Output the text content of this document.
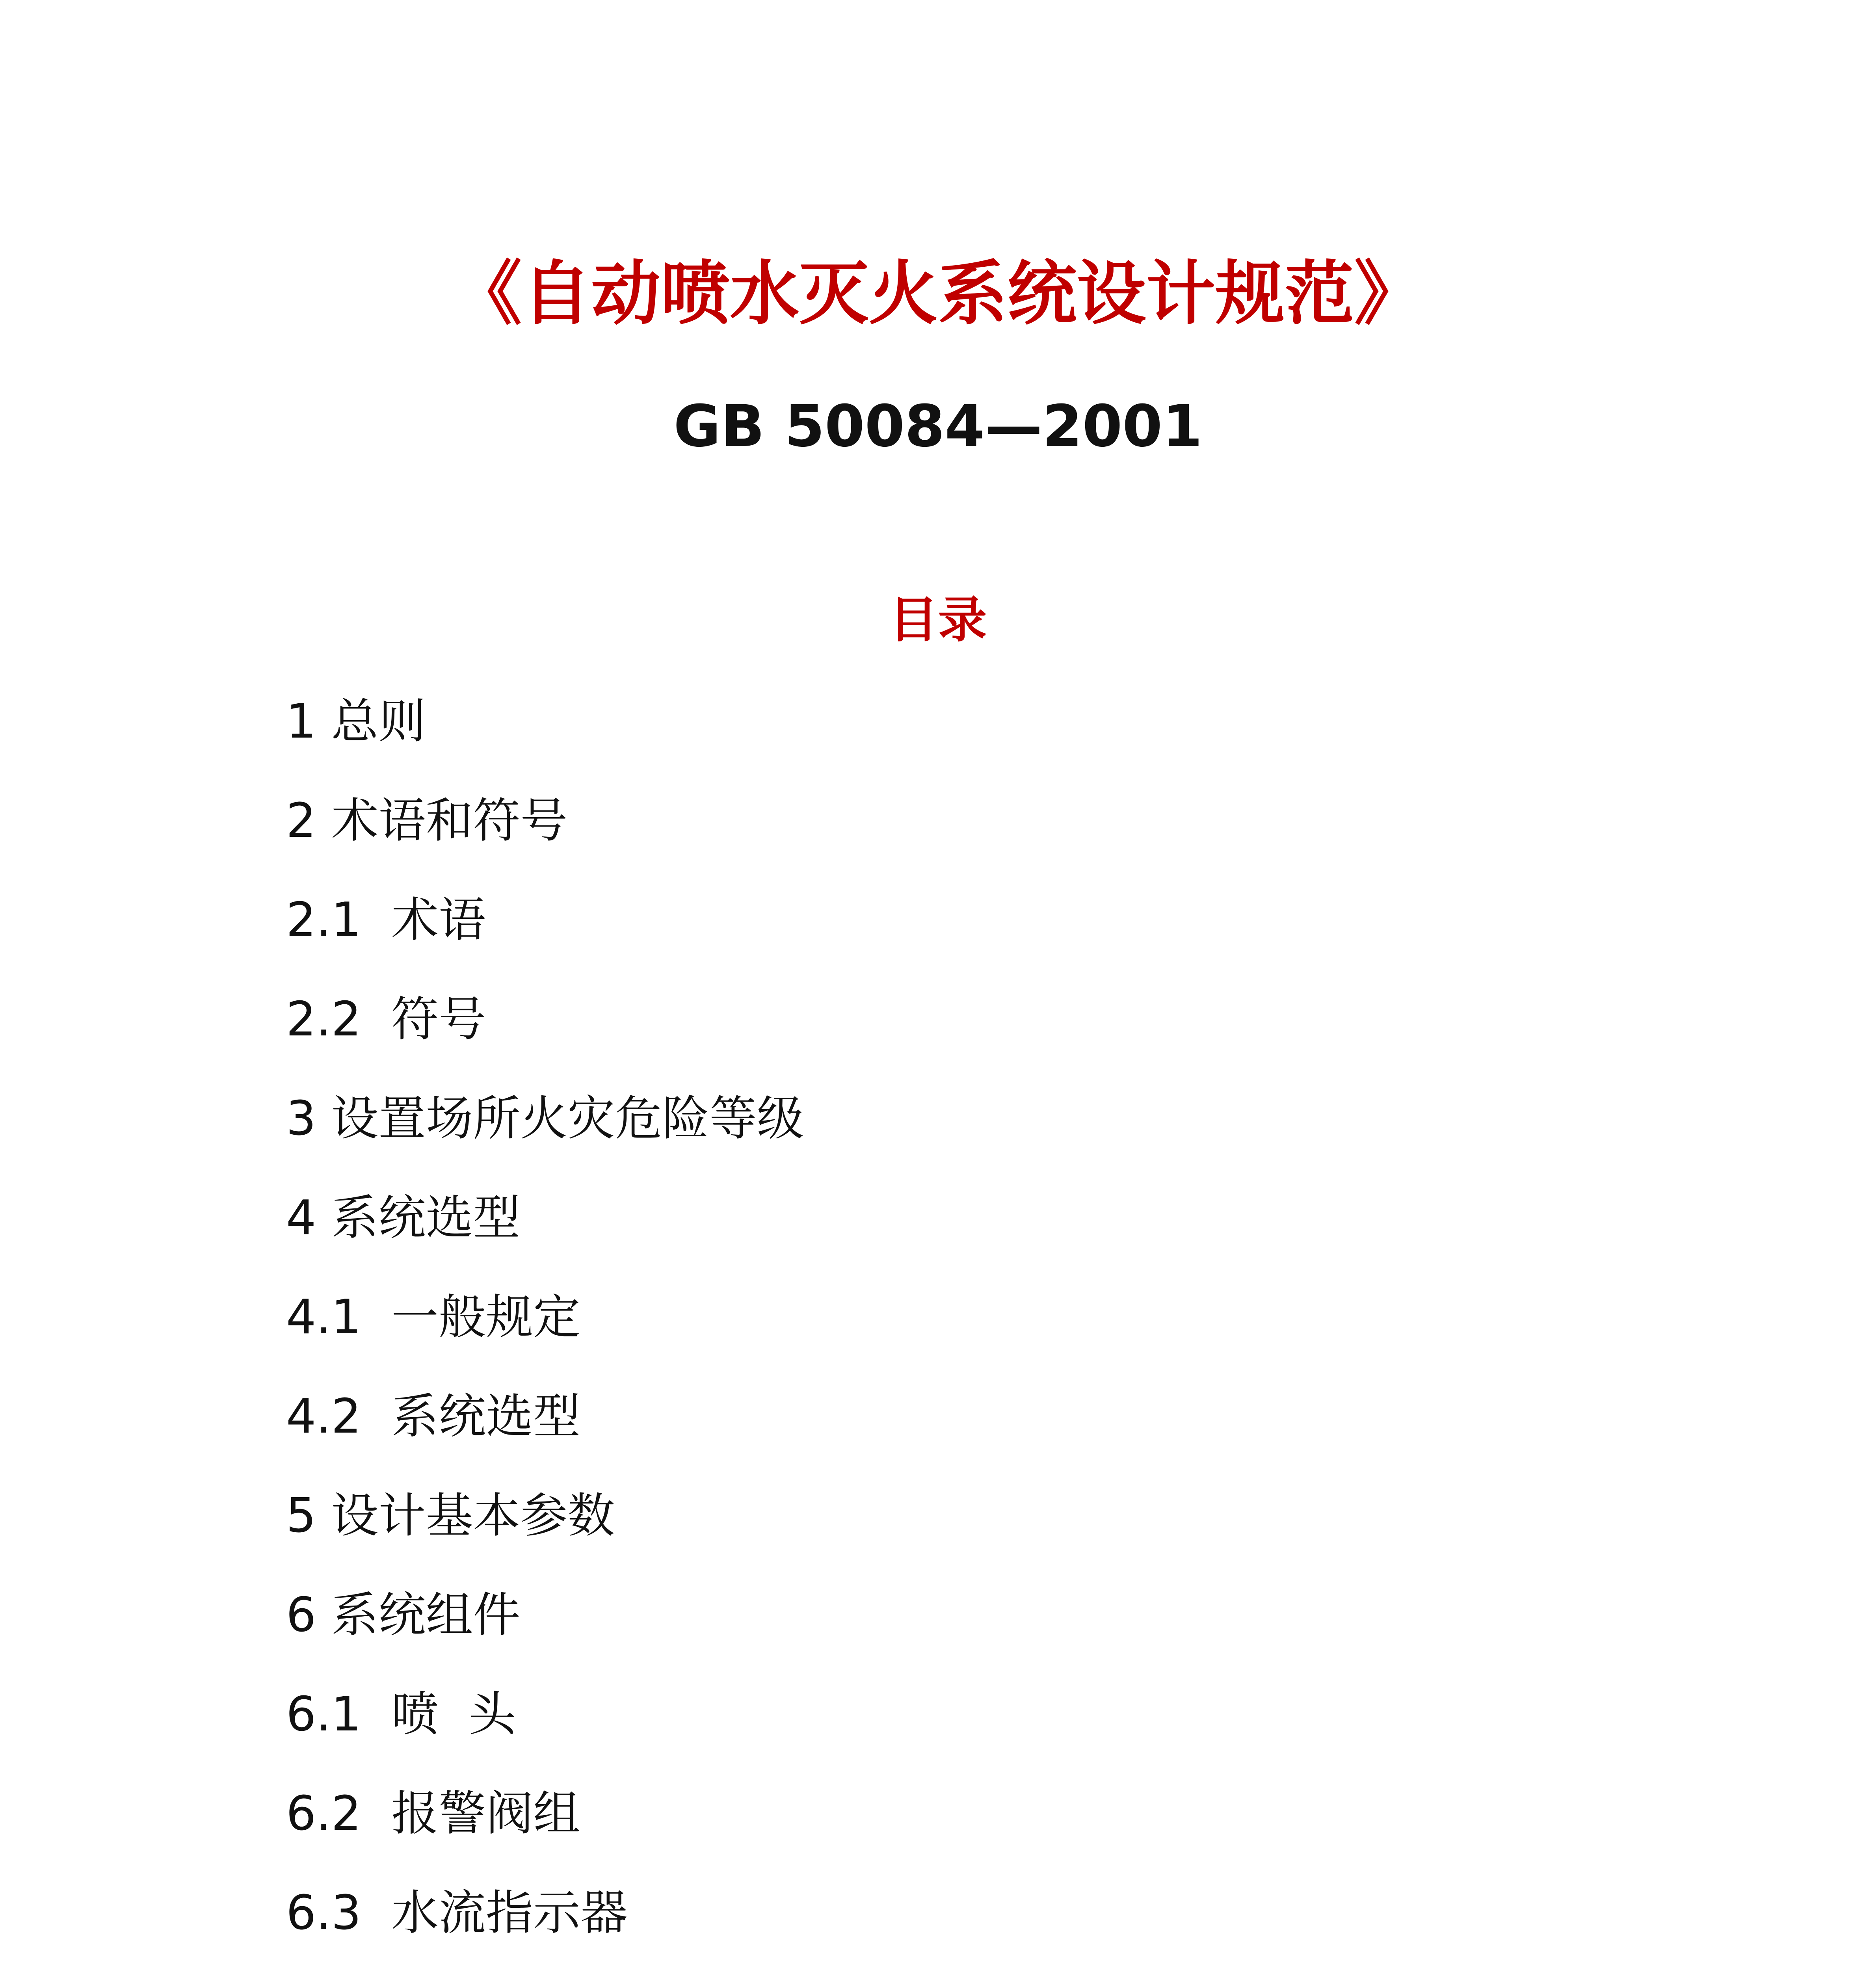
《自动喷水灭火系统设计规范》
GB 50084—2001
目录
1 总则
2 术语和符号
2.1  术语
2.2  符号
3 设置场所火灾危险等级
4 系统选型
4.1  一般规定
4.2  系统选型
5 设计基本参数
6 系统组件
6.1  喷  头
6.2  报警阀组
6.3  水流指示器
